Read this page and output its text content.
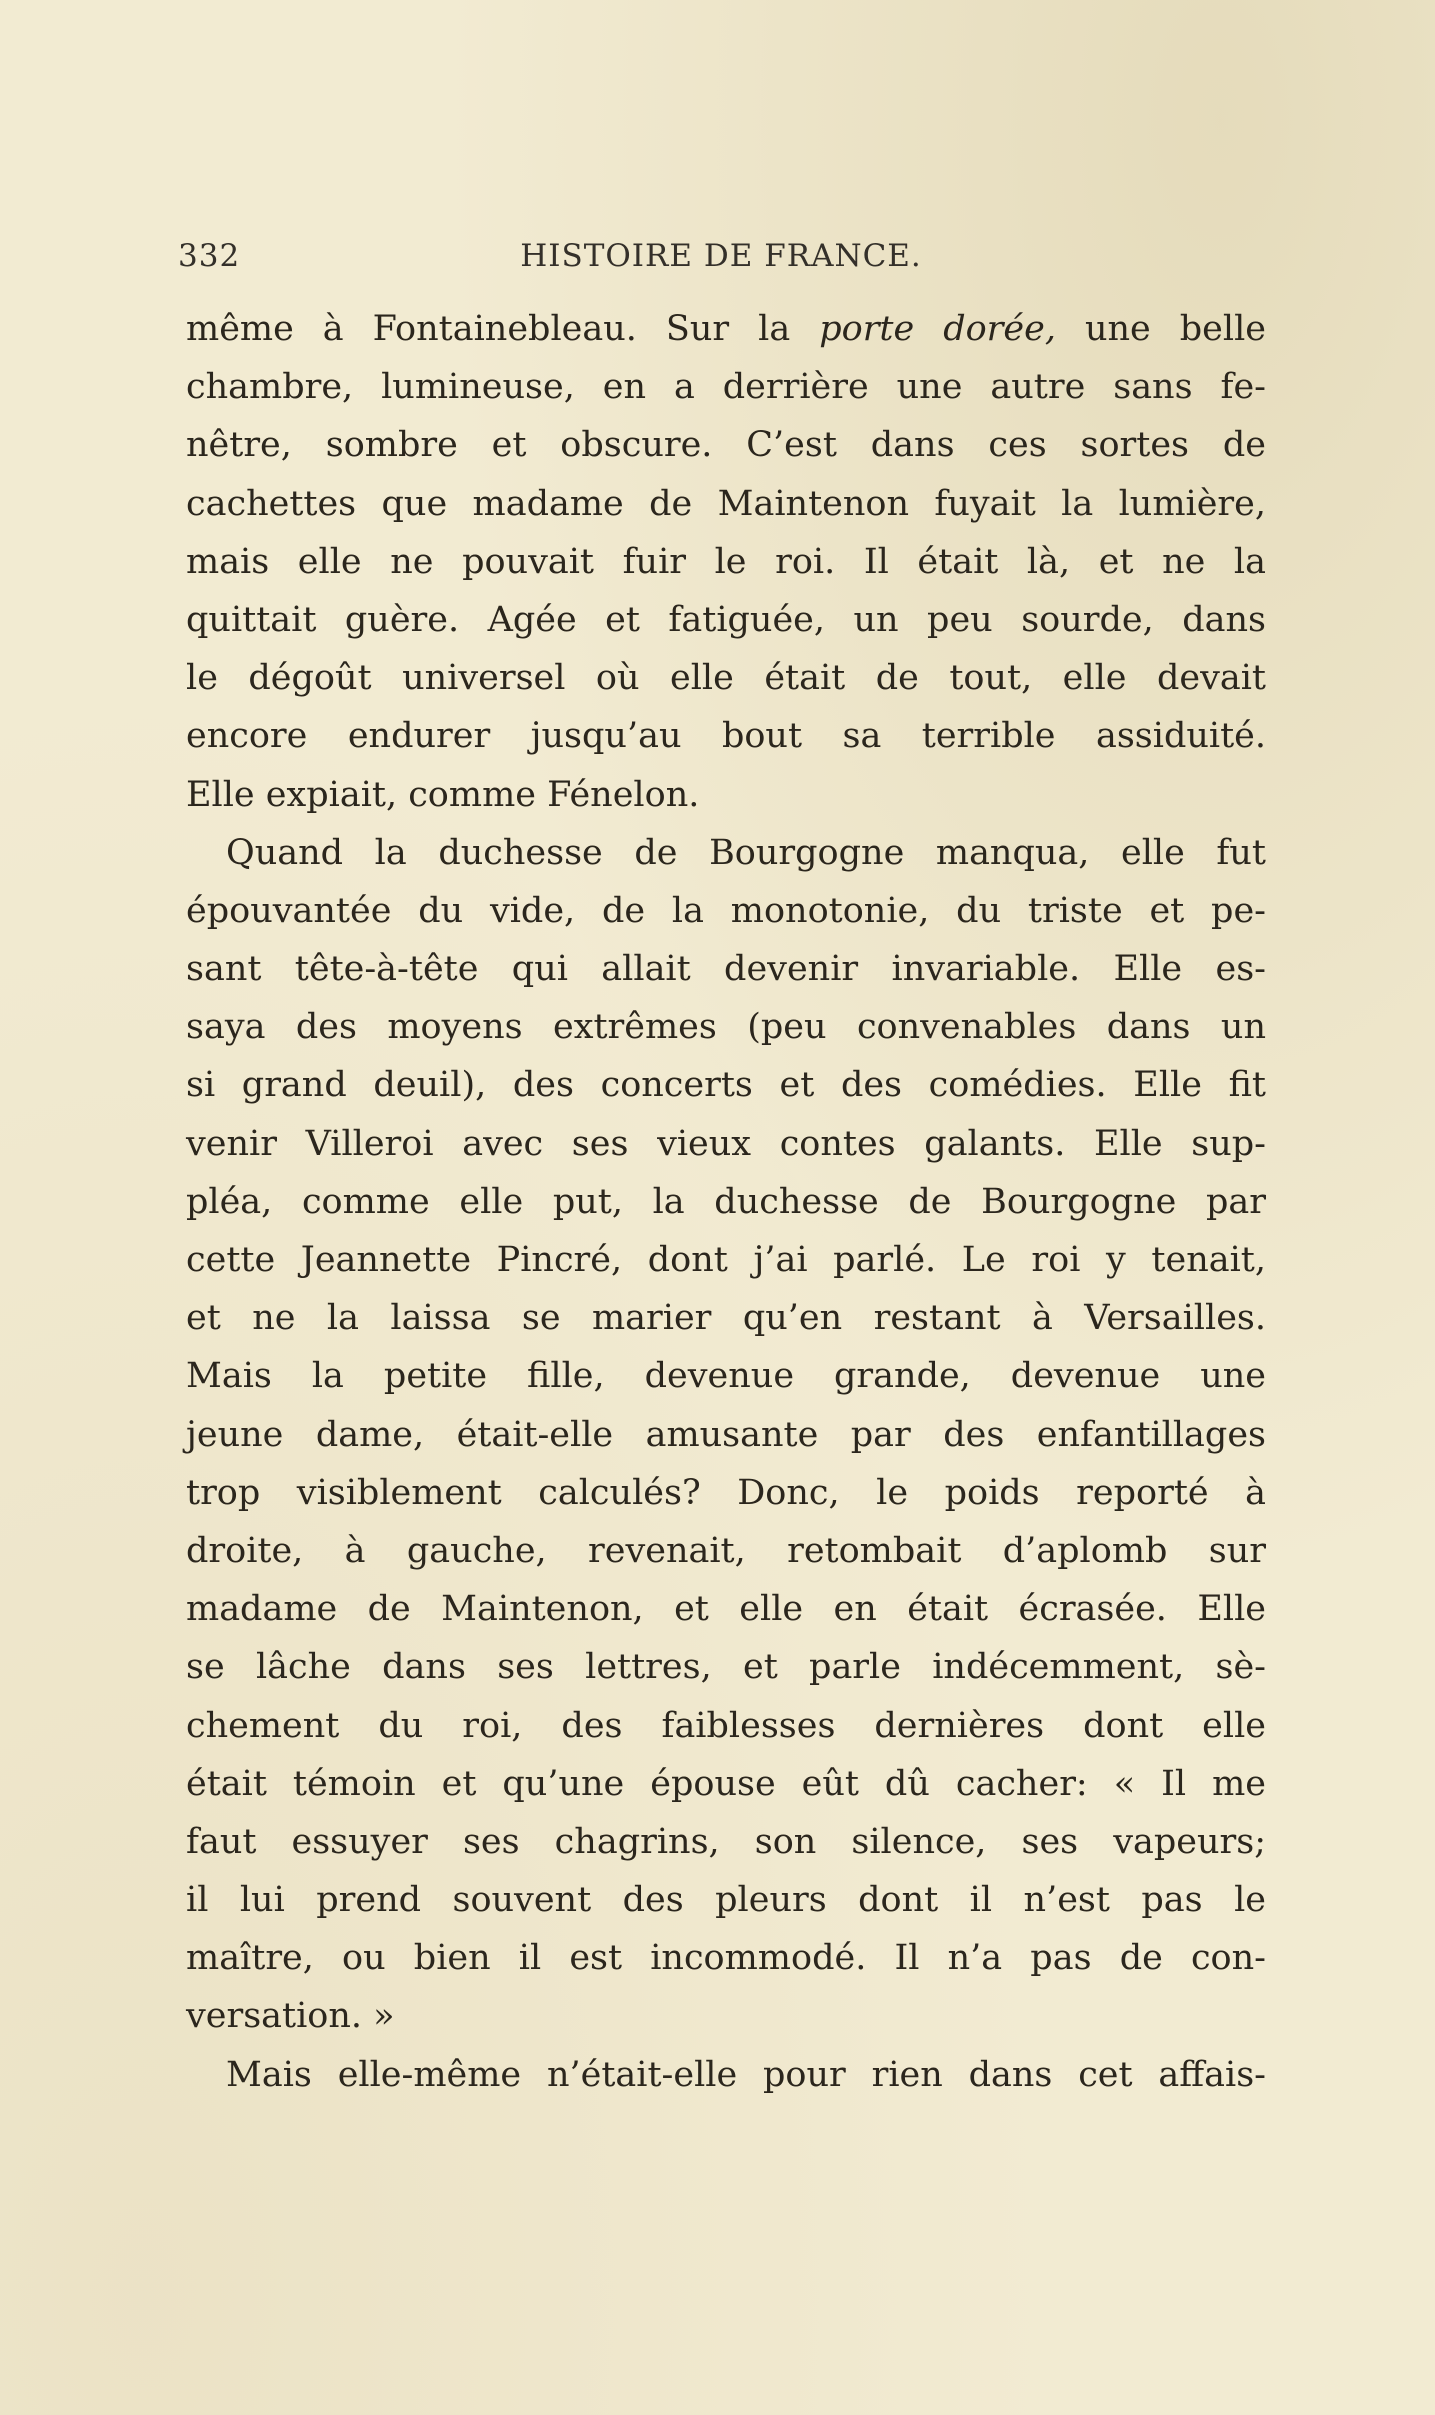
332	HISTOIRE DE FRANCE.
même à Fontainebleau. Sur la porte dorée, une belle
chambre, lumineuse, en a derrière une autre sans fe-
nêtre, sombre et obscure. C’est dans ces sortes de
cachettes que madame de Maintenon fuyait la lumière,
mais elle ne pouvait fuir le roi. Il était là, et ne la
quittait guère. Agée et fatiguée, un peu sourde, dans
le dégoût universel où elle était de tout, elle devait
encore endurer jusqu’au bout sa terrible assiduité.
Elle expiait, comme Fénelon.
Quand la duchesse de Bourgogne manqua, elle fut
épouvantée du vide, de la monotonie, du triste et pe-
sant tête-à-tête qui allait devenir invariable. Elle es-
saya des moyens extrêmes (peu convenables dans un
si grand deuil), des concerts et des comédies. Elle fit
venir Villeroi avec ses vieux contes galants. Elle sup-
pléa, comme elle put, la duchesse de Bourgogne par
cette Jeannette Pincré, dont j’ai parlé. Le roi y tenait,
et ne la laissa se marier qu’en restant à Versailles.
Mais la petite fille, devenue grande, devenue une
jeune dame, était-elle amusante par des enfantillages
trop visiblement calculés? Donc, le poids reporté à
droite, à gauche, revenait, retombait d’aplomb sur
madame de Maintenon, et elle en était écrasée. Elle
se lâche dans ses lettres, et parle indécemment, sè-
chement du roi, des faiblesses dernières dont elle
était témoin et qu’une épouse eût dû cacher: « Il me
faut essuyer ses chagrins, son silence, ses vapeurs;
il lui prend souvent des pleurs dont il n’est pas le
maître, ou bien il est incommodé. Il n’a pas de con-
versation. »
Mais elle-même n’était-elle pour rien dans cet affais-
